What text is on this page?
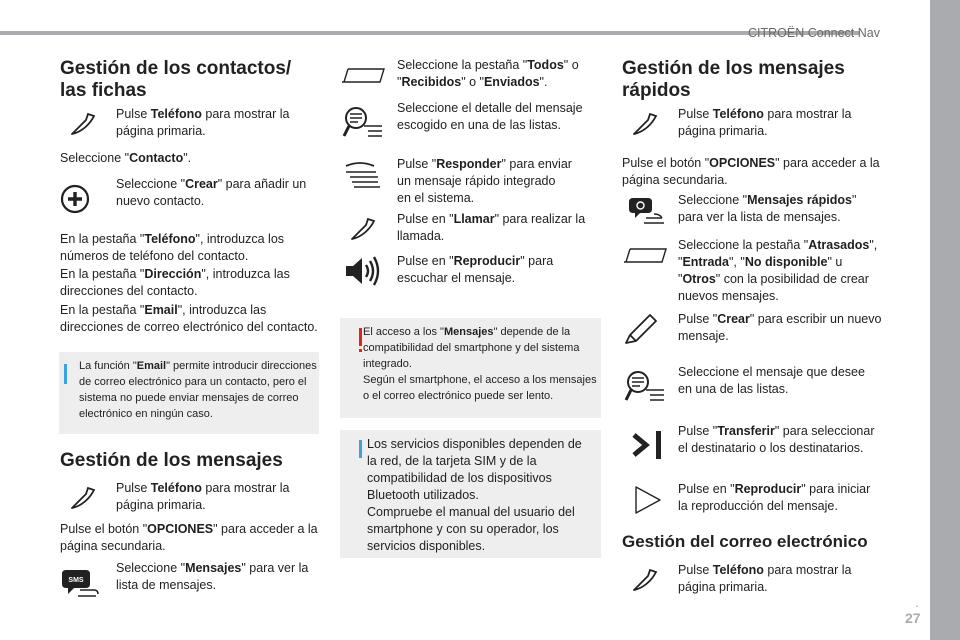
CITROËN Connect Nav
.
27
Gestión de los contactos/
las fichas
Pulse Teléfono para mostrar la página primaria.
Seleccione "Contacto".
Seleccione "Crear" para añadir un nuevo contacto.
En la pestaña "Teléfono", introduzca los números de teléfono del contacto.
En la pestaña "Dirección", introduzca las direcciones del contacto.
En la pestaña "Email", introduzca las direcciones de correo electrónico del contacto.
La función "Email" permite introducir direcciones de correo electrónico para un contacto, pero el sistema no puede enviar mensajes de correo electrónico en ningún caso.
Gestión de los mensajes
Pulse Teléfono para mostrar la página primaria.
Pulse el botón "OPCIONES" para acceder a la página secundaria.
SMS
Seleccione "Mensajes" para ver la lista de mensajes.
Seleccione la pestaña "Todos" o "Recibidos" o "Enviados".
Seleccione el detalle del mensaje escogido en una de las listas.
Pulse "Responder" para enviar un mensaje rápido integrado en el sistema.
Pulse en "Llamar" para realizar la llamada.
Pulse en "Reproducir" para escuchar el mensaje.
El acceso a los "Mensajes" depende de la compatibilidad del smartphone y del sistema integrado.
Según el smartphone, el acceso a los mensajes o el correo electrónico puede ser lento.
Los servicios disponibles dependen de la red, de la tarjeta SIM y de la compatibilidad de los dispositivos Bluetooth utilizados.
Compruebe el manual del usuario del smartphone y con su operador, los servicios disponibles.
Gestión de los mensajes
rápidos
Pulse Teléfono para mostrar la página primaria.
Pulse el botón "OPCIONES" para acceder a la página secundaria.
Seleccione "Mensajes rápidos" para ver la lista de mensajes.
Seleccione la pestaña "Atrasados", "Entrada", "No disponible" u "Otros" con la posibilidad de crear nuevos mensajes.
Pulse "Crear" para escribir un nuevo mensaje.
Seleccione el mensaje que desee en una de las listas.
Pulse "Transferir" para seleccionar el destinatario o los destinatarios.
Pulse en "Reproducir" para iniciar la reproducción del mensaje.
Gestión del correo electrónico
Pulse Teléfono para mostrar la página primaria.
